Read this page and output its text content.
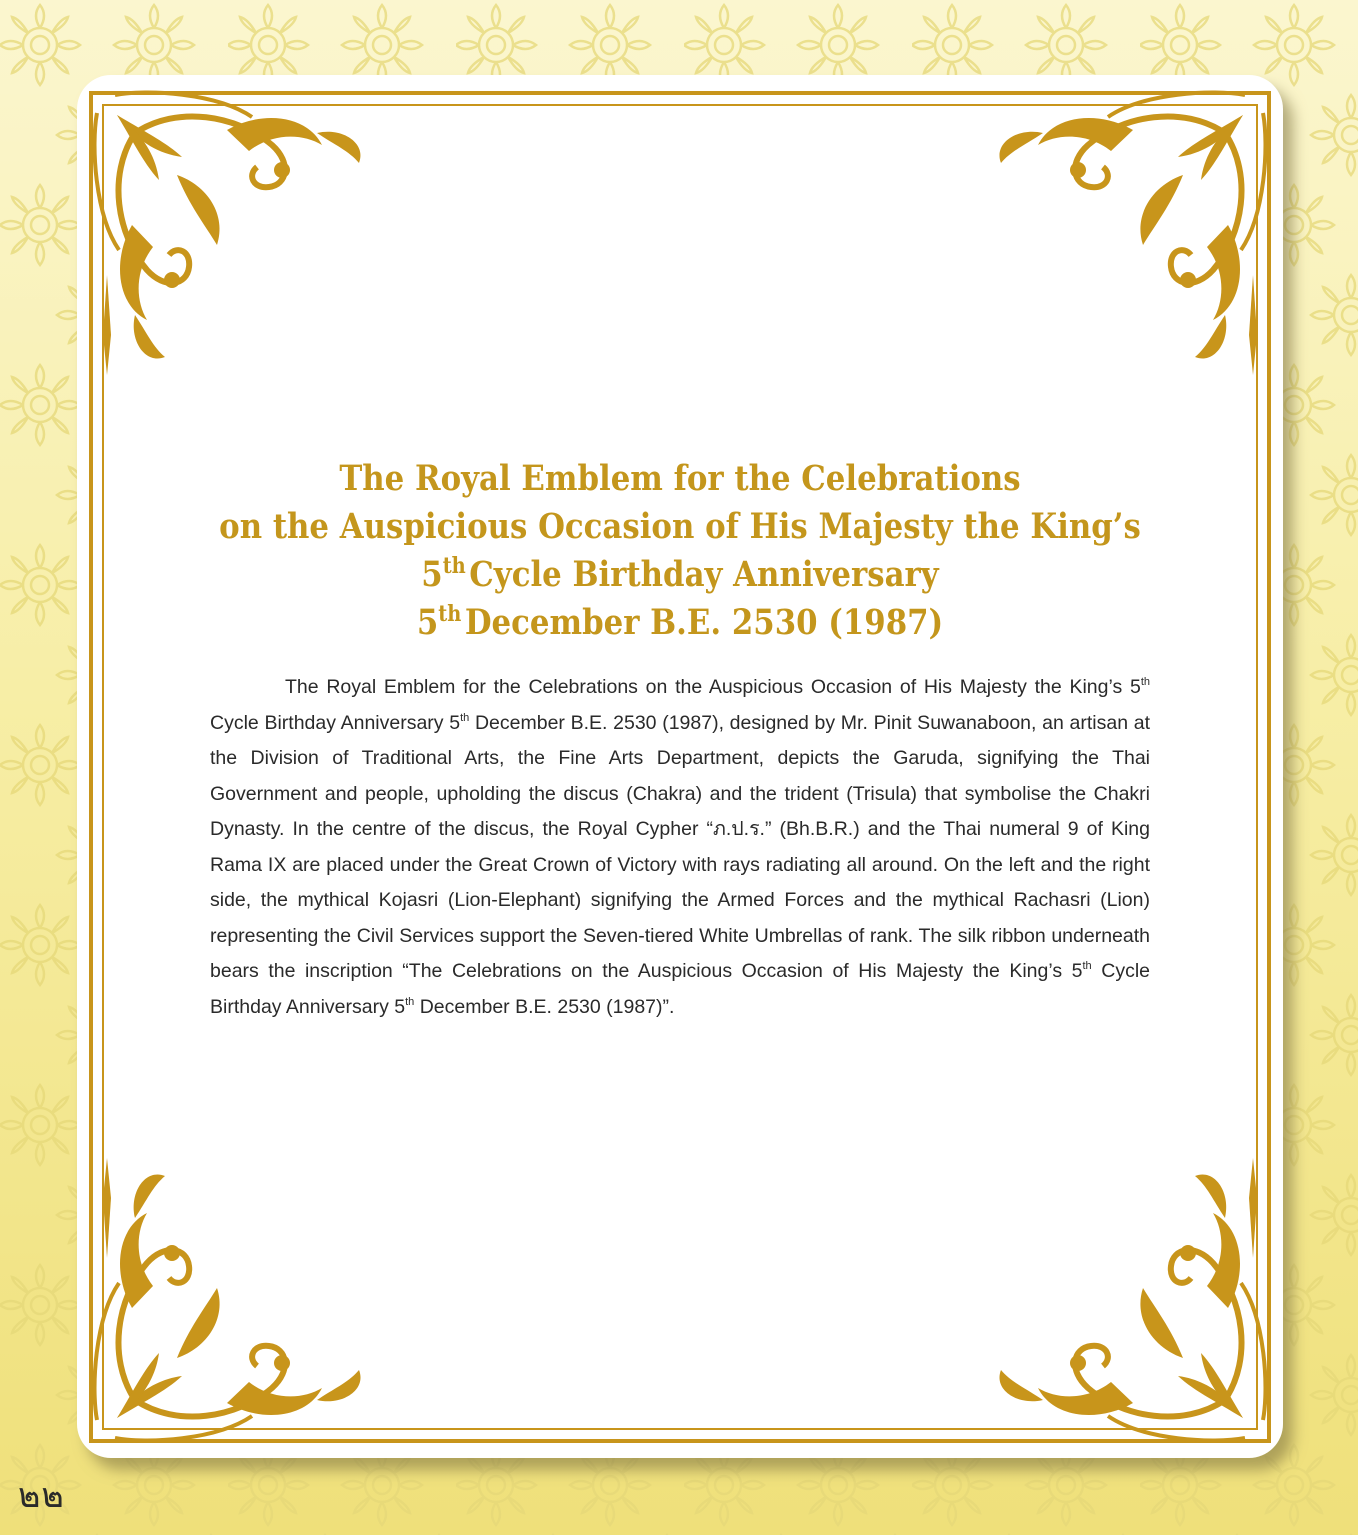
The Royal Emblem for the Celebrations
on the Auspicious Occasion of His Majesty the King’s
5th Cycle Birthday Anniversary
5th December B.E. 2530 (1987)

The Royal Emblem for the Celebrations on the Auspicious Occasion of His Majesty the King’s 5th Cycle Birthday Anniversary 5th December B.E. 2530 (1987), designed by Mr. Pinit Suwanaboon, an artisan at the Division of Traditional Arts, the Fine Arts Department, depicts the Garuda, signifying the Thai Government and people, upholding the discus (Chakra) and the trident (Trisula) that symbolise the Chakri Dynasty. In the centre of the discus, the Royal Cypher “ภ.ป.ร.” (Bh.B.R.) and the Thai numeral 9 of King Rama IX are placed under the Great Crown of Victory with rays radiating all around. On the left and the right side, the mythical Kojasri (Lion-Elephant) signifying the Armed Forces and the mythical Rachasri (Lion) representing the Civil Services support the Seven-tiered White Umbrellas of rank. The silk ribbon underneath bears the inscription “The Celebrations on the Auspicious Occasion of His Majesty the King’s 5th Cycle Birthday Anniversary 5th December B.E. 2530 (1987)”.

๒๒
